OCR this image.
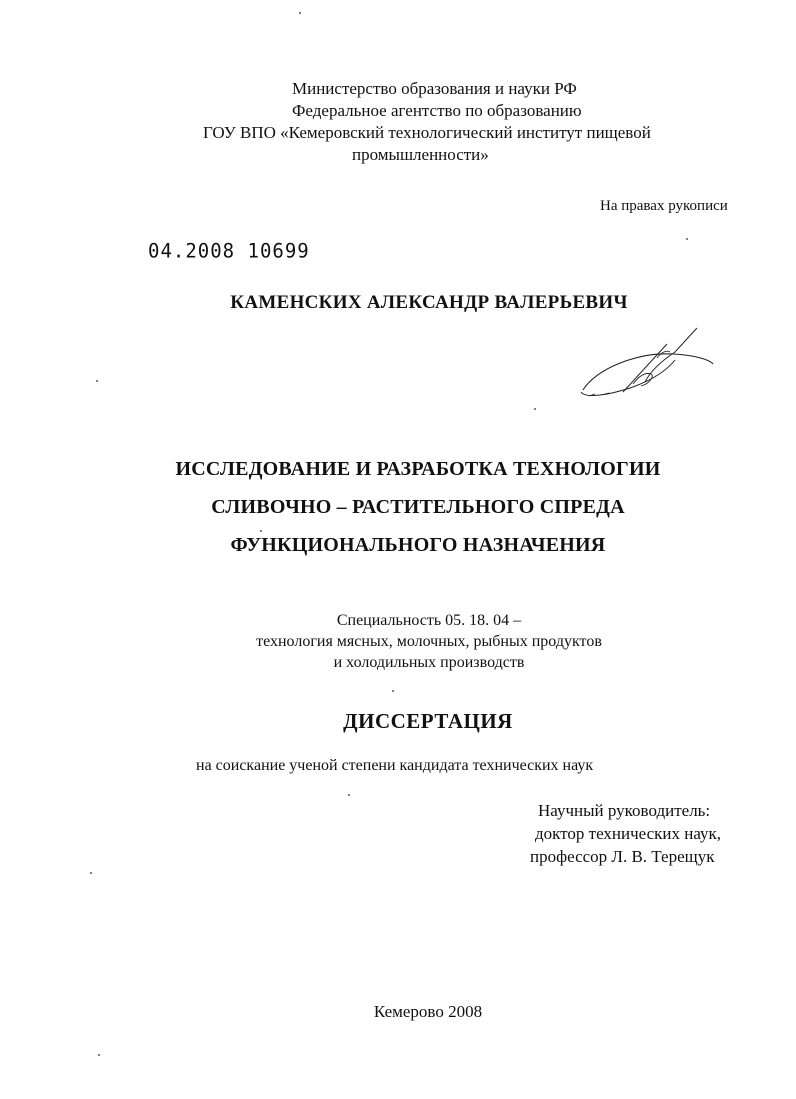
Министерство образования и науки РФ
Федеральное агентство по образованию
ГОУ ВПО «Кемеровский технологический институт пищевой
промышленности»
На правах рукописи
04.2008 10699
КАМЕНСКИХ АЛЕКСАНДР ВАЛЕРЬЕВИЧ
ИССЛЕДОВАНИЕ И РАЗРАБОТКА ТЕХНОЛОГИИ
СЛИВОЧНО – РАСТИТЕЛЬНОГО СПРЕДА
ФУНКЦИОНАЛЬНОГО НАЗНАЧЕНИЯ
Специальность 05. 18. 04 –
технология мясных, молочных, рыбных продуктов
и холодильных производств
ДИССЕРТАЦИЯ
на соискание ученой степени кандидата технических наук
Научный руководитель:
доктор технических наук,
профессор Л. В. Терещук
Кемерово 2008
